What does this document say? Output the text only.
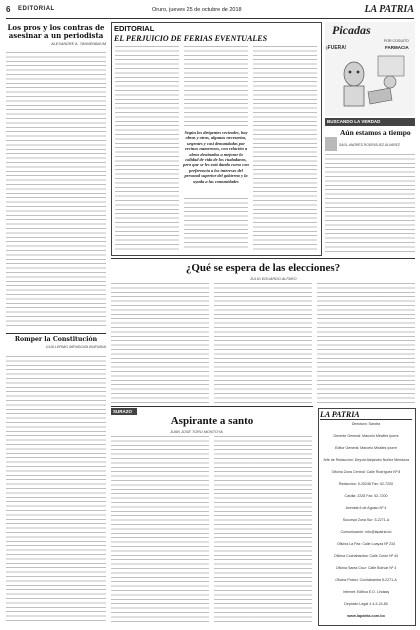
6 EDITORIAL	Oruro, jueves 25 de octubre de 2018	LA PATRIA
Los pros y los contras de asesinar a un periodista
ALEXANDRE A. TANNENBAUM
Romper la Constitución
GUILLERMO MENDOZA BUENDIA
EDITORIAL
EL PERJUICIO DE FERIAS EVENTUALES
Según los dirigentes vecinales, hay obras y otras, algunas necesarias, urgentes y casi demandadas por vecinos numerosos, con relación a obras destinadas a mejorar la calidad de vida de los ciudadanos, pero que se les está dando curso con preferencia a los intereses del personal superior del gobierno y la ayuda a las comunidades
Picadas
POR COGUITO
¡FUERA!	FARMACIA
BUSCANDO LA VERDAD
Aún estamos a tiempo
SAÚL ANDRÉS RODRIGUEZ ALVAREZ
¿Qué se espera de las elecciones?
JULIO EDUARDO ALFARO
SURAZO
Aspirante a santo
JUAN JOSE TORO MONTOYA
LA PATRIA
Directora: Sandra
Gerente General: Marcelo Miralles Iporre
Editor General: Marcelo Miralles Iporre
Jefe de Redacción: Deyvid Alejandro Nuñez Mendoza
Oficina Zona Central: Calle Rodríguez Nº 8
Redacción: 5-25246 Fax: 52-7200
Casilla: 2228 Fax: 52-7200
Avenida 6 de Agosto Nº 4
Sucursal Zona Sur: 5-2271-A
Comunicación: info@lapatria.bo
Oficina La Paz: Calle Loayza Nº 233
Oficina Cochabamba: Calle Colón Nº 44
Oficina Santa Cruz: Calle Bolívar Nº 4
Oficina Potosí: Cochabamba 5-2271-A
Internet: Edifica E.D. Lindsay
Depósito Legal 4 4-3-24-80
www.lapatria.com.bo
